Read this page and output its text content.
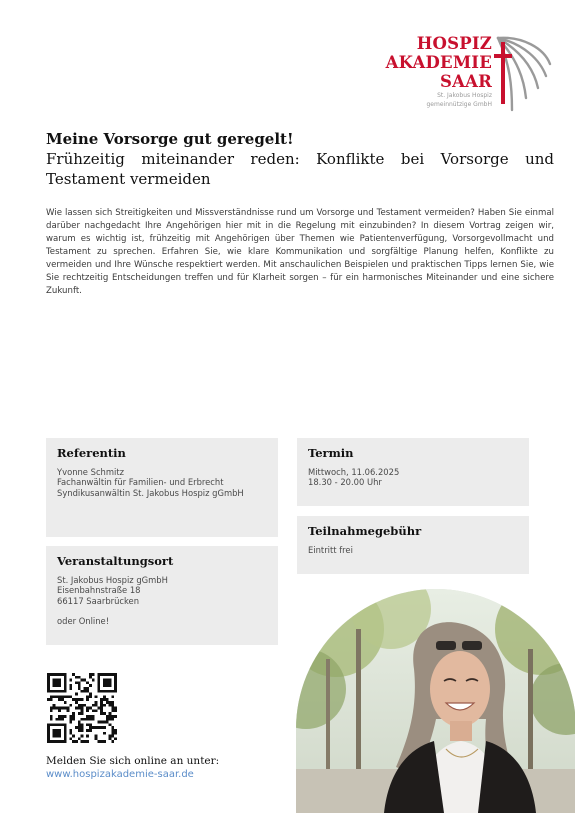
HOSPIZ
AKADEMIE
SAAR
St. Jakobus Hospiz
gemeinnützige GmbH
Meine Vorsorge gut geregelt!
Frühzeitig miteinander reden: Konflikte bei Vorsorge und Testament vermeiden

Wie lassen sich Streitigkeiten und Missverständnisse rund um Vorsorge und Testament vermeiden? Haben Sie einmal darüber nachgedacht Ihre Angehörigen hier mit in die Regelung mit einzubinden? In diesem Vortrag zeigen wir, warum es wichtig ist, frühzeitig mit Angehörigen über Themen wie Patientenverfügung, Vorsorgevollmacht und Testament zu sprechen. Erfahren Sie, wie klare Kommunikation und sorgfältige Planung helfen, Konflikte zu vermeiden und Ihre Wünsche respektiert werden. Mit anschaulichen Beispielen und praktischen Tipps lernen Sie, wie Sie rechtzeitig Entscheidungen treffen und für Klarheit sorgen – für ein harmonisches Miteinander und eine sichere Zukunft.

Referentin
Yvonne Schmitz
Fachanwältin für Familien- und Erbrecht
Syndikusanwältin St. Jakobus Hospiz gGmbH
Termin
Mittwoch, 11.06.2025
18.30 - 20.00 Uhr
Teilnahmegebühr
Eintritt frei
Veranstaltungsort
St. Jakobus Hospiz gGmbH
Eisenbahnstraße 18
66117 Saarbrücken
oder Online!
Melden Sie sich online an unter:
www.hospizakademie-saar.de
